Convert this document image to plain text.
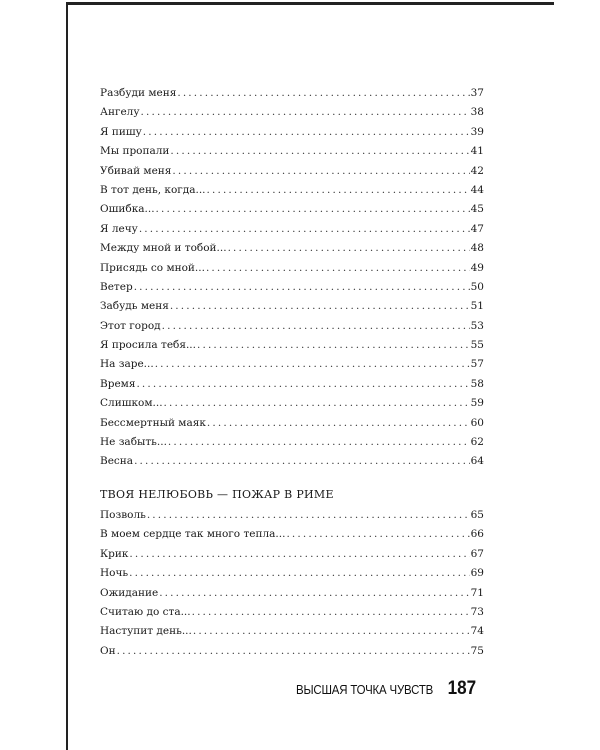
Разбуди меня . . .	37
Ангелу . . .	38
Я пишу . . .	39
Мы пропали . . .	41
Убивай меня . . .	42
В тот день, когда... . . .	44
Ошибка... . . .	45
Я лечу . . .	47
Между мной и тобой... . . .	48
Присядь со мной... . . .	49
Ветер . . .	50
Забудь меня . . .	51
Этот город . . .	53
Я просила тебя... . . .	55
На заре... . . .	57
Время . . .	58
Слишком... . . .	59
Бессмертный маяк . . .	60
Не забыть... . . .	62
Весна . . .	64
ТВОЯ НЕЛЮБОВЬ — ПОЖАР В РИМЕ
Позволь . . .	65
В моем сердце так много тепла... . . .	66
Крик . . .	67
Ночь . . .	69
Ожидание . . .	71
Считаю до ста... . . .	73
Наступит день... . . .	74
Он . . .	75
ВЫСШАЯ ТОЧКА ЧУВСТВ 187
